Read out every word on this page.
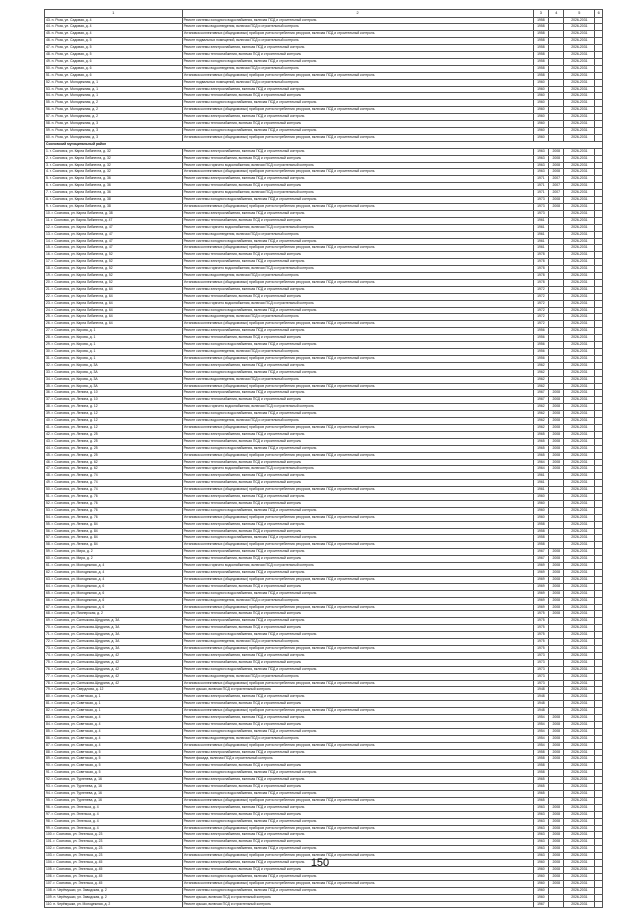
1	2	3	4	5	6
43. п. Роза, ул. Садовая, д. 4	Ремонт системы холодного водоснабжения, включая ПСД и строительный контроль	1958		2026-2031	
44. п. Роза, ул. Садовая, д. 4	Ремонт системы водоотведения, включая ПСД и строительный контроль	1958		2026-2031	
45. п. Роза, ул. Садовая, д. 4	Установка коллективных (общедомовых) приборов учета потребления ресурсов, включая ПСД и строительный контроль	1958		2026-2031	
46. п. Роза, ул. Садовая, д. 5	Ремонт подвальных помещений, включая ПСД и строительный контроль	1958		2026-2031	
47. п. Роза, ул. Садовая, д. 5	Ремонт системы электроснабжения, включая ПСД и строительный контроль	1958		2026-2031	
48. п. Роза, ул. Садовая, д. 5	Ремонт системы теплоснабжения, включая ПСД и строительный контроль	1958		2026-2031	
49. п. Роза, ул. Садовая, д. 6	Ремонт системы холодного водоснабжения, включая ПСД и строительный контроль	1958		2026-2031	
50. п. Роза, ул. Садовая, д. 6	Ремонт системы водоотведения, включая ПСД и строительный контроль	1958		2026-2031	
51. п. Роза, ул. Садовая, д. 6	Установка коллективных (общедомовых) приборов учета потребления ресурсов, включая ПСД и строительный контроль	1958		2026-2031	
52. п. Роза, ул. Молодежная, д. 1	Ремонт подвальных помещений, включая ПСД и строительный контроль	1960		2026-2031	
53. п. Роза, ул. Молодежная, д. 1	Ремонт системы электроснабжения, включая ПСД и строительный контроль	1960		2026-2031	
54. п. Роза, ул. Молодежная, д. 1	Ремонт системы теплоснабжения, включая ПСД и строительный контроль	1960		2026-2031	
55. п. Роза, ул. Молодежная, д. 2	Ремонт системы холодного водоснабжения, включая ПСД и строительный контроль	1960		2026-2031	
56. п. Роза, ул. Молодежная, д. 2	Установка коллективных (общедомовых) приборов учета потребления ресурсов, включая ПСД и строительный контроль	1960		2026-2031	
57. п. Роза, ул. Молодежная, д. 2	Ремонт системы электроснабжения, включая ПСД и строительный контроль	1960		2026-2031	
58. п. Роза, ул. Молодежная, д. 3	Ремонт системы теплоснабжения, включая ПСД и строительный контроль	1960		2026-2031	
59. п. Роза, ул. Молодежная, д. 3	Ремонт системы холодного водоснабжения, включая ПСД и строительный контроль	1960		2026-2031	
60. п. Роза, ул. Молодежная, д. 3	Установка коллективных (общедомовых) приборов учета потребления ресурсов, включая ПСД и строительный контроль	1960		2026-2031	
Сосновский муниципальный район					
1. г. Сосновск, ул. Карла Либкнехта, д. 32	Ремонт системы электроснабжения, включая ПСД и строительный контроль	1963	2008	2026-2031	
2. г. Сосновск, ул. Карла Либкнехта, д. 32	Ремонт системы теплоснабжения, включая ПСД и строительный контроль	1963	2008	2026-2031	
3. г. Сосновск, ул. Карла Либкнехта, д. 32	Ремонт системы горячего водоснабжения, включая ПСД и строительный контроль	1963	2008	2026-2031	
4. г. Сосновск, ул. Карла Либкнехта, д. 32	Установка коллективных (общедомовых) приборов учета потребления ресурсов, включая ПСД и строительный контроль	1963	2008	2026-2031	
5. г. Сосновск, ул. Карла Либкнехта, д. 36	Ремонт системы электроснабжения, включая ПСД и строительный контроль	1971	2007	2026-2031	
6. г. Сосновск, ул. Карла Либкнехта, д. 36	Ремонт системы теплоснабжения, включая ПСД и строительный контроль	1971	2007	2026-2031	
7. г. Сосновск, ул. Карла Либкнехта, д. 36	Ремонт системы горячего водоснабжения, включая ПСД и строительный контроль	1971	2007	2026-2031	
8. г. Сосновск, ул. Карла Либкнехта, д. 38	Ремонт системы холодного водоснабжения, включая ПСД и строительный контроль	1973	2008	2026-2031	
9. г. Сосновск, ул. Карла Либкнехта, д. 38	Установка коллективных (общедомовых) приборов учета потребления ресурсов, включая ПСД и строительный контроль	1973	2008	2026-2031	
10. г. Сосновск, ул. Карла Либкнехта, д. 38	Ремонт системы электроснабжения, включая ПСД и строительный контроль	1973		2026-2031	
11. г. Сосновск, ул. Карла Либкнехта, д. 47	Ремонт системы теплоснабжения, включая ПСД и строительный контроль	1961		2026-2031	
12. г. Сосновск, ул. Карла Либкнехта, д. 47	Ремонт системы горячего водоснабжения, включая ПСД и строительный контроль	1961		2026-2031	
13. г. Сосновск, ул. Карла Либкнехта, д. 47	Ремонт системы водоотведения, включая ПСД и строительный контроль	1961		2026-2031	
14. г. Сосновск, ул. Карла Либкнехта, д. 47	Ремонт системы холодного водоснабжения, включая ПСД и строительный контроль	1961		2026-2031	
15. г. Сосновск, ул. Карла Либкнехта, д. 47	Установка коллективных (общедомовых) приборов учета потребления ресурсов, включая ПСД и строительный контроль	1961		2026-2031	
16. г. Сосновск, ул. Карла Либкнехта, д. 52	Ремонт системы теплоснабжения, включая ПСД и строительный контроль	1978		2026-2031	
17. г. Сосновск, ул. Карла Либкнехта, д. 52	Ремонт системы электроснабжения, включая ПСД и строительный контроль	1978		2026-2031	
18. г. Сосновск, ул. Карла Либкнехта, д. 52	Ремонт системы горячего водоснабжения, включая ПСД и строительный контроль	1978		2026-2031	
19. г. Сосновск, ул. Карла Либкнехта, д. 52	Ремонт системы водоотведения, включая ПСД и строительный контроль	1978		2026-2031	
20. г. Сосновск, ул. Карла Либкнехта, д. 52	Установка коллективных (общедомовых) приборов учета потребления ресурсов, включая ПСД и строительный контроль	1978		2026-2031	
21. г. Сосновск, ул. Карла Либкнехта, д. 64	Ремонт системы электроснабжения, включая ПСД и строительный контроль	1972		2026-2031	
22. г. Сосновск, ул. Карла Либкнехта, д. 64	Ремонт системы теплоснабжения, включая ПСД и строительный контроль	1972		2026-2031	
23. г. Сосновск, ул. Карла Либкнехта, д. 64	Ремонт системы горячего водоснабжения, включая ПСД и строительный контроль	1972		2026-2031	
24. г. Сосновск, ул. Карла Либкнехта, д. 64	Ремонт системы холодного водоснабжения, включая ПСД и строительный контроль	1972		2026-2031	
25. г. Сосновск, ул. Карла Либкнехта, д. 64	Ремонт системы водоотведения, включая ПСД и строительный контроль	1972		2026-2031	
26. г. Сосновск, ул. Карла Либкнехта, д. 64	Установка коллективных (общедомовых) приборов учета потребления ресурсов, включая ПСД и строительный контроль	1972		2026-2031	
27. г. Сосновск, ул. Кирова, д. 1	Ремонт системы электроснабжения, включая ПСД и строительный контроль	1956		2026-2031	
28. г. Сосновск, ул. Кирова, д. 1	Ремонт системы теплоснабжения, включая ПСД и строительный контроль	1956		2026-2031	
29. г. Сосновск, ул. Кирова, д. 1	Ремонт системы холодного водоснабжения, включая ПСД и строительный контроль	1956		2026-2031	
30. г. Сосновск, ул. Кирова, д. 1	Ремонт системы водоотведения, включая ПСД и строительный контроль	1956		2026-2031	
31. г. Сосновск, ул. Кирова, д. 1	Установка коллективных (общедомовых) приборов учета потребления ресурсов, включая ПСД и строительный контроль	1956		2026-2031	
32. г. Сосновск, ул. Кирова, д. 3А	Ремонт системы электроснабжения, включая ПСД и строительный контроль	1962		2026-2031	
33. г. Сосновск, ул. Кирова, д. 3А	Ремонт системы холодного водоснабжения, включая ПСД и строительный контроль	1962		2026-2031	
34. г. Сосновск, ул. Кирова, д. 3А	Ремонт системы водоотведения, включая ПСД и строительный контроль	1962		2026-2031	
35. г. Сосновск, ул. Кирова, д. 3А	Установка коллективных (общедомовых) приборов учета потребления ресурсов, включая ПСД и строительный контроль	1962		2026-2031	
36. г. Сосновск, ул. Ленина, д. 10	Ремонт системы электроснабжения, включая ПСД и строительный контроль	1967	2008	2026-2031	
37. г. Сосновск, ул. Ленина, д. 10	Ремонт системы теплоснабжения, включая ПСД и строительный контроль	1967	2008	2026-2031	
38. г. Сосновск, ул. Ленина, д. 12	Ремонт системы горячего водоснабжения, включая ПСД и строительный контроль	1962	2008	2026-2031	
39. г. Сосновск, ул. Ленина, д. 12	Ремонт системы холодного водоснабжения, включая ПСД и строительный контроль	1962	2008	2026-2031	
40. г. Сосновск, ул. Ленина, д. 12	Ремонт системы водоотведения, включая ПСД и строительный контроль	1962	2008	2026-2031	
41. г. Сосновск, ул. Ленина, д. 12	Установка коллективных (общедомовых) приборов учета потребления ресурсов, включая ПСД и строительный контроль	1962	2008	2026-2031	
42. г. Сосновск, ул. Ленина, д. 25	Ремонт системы электроснабжения, включая ПСД и строительный контроль	1965	2008	2026-2031	
43. г. Сосновск, ул. Ленина, д. 25	Ремонт системы теплоснабжения, включая ПСД и строительный контроль	1965	2008	2026-2031	
44. г. Сосновск, ул. Ленина, д. 25	Ремонт системы холодного водоснабжения, включая ПСД и строительный контроль	1965	2008	2026-2031	
45. г. Сосновск, ул. Ленина, д. 25	Установка коллективных (общедомовых) приборов учета потребления ресурсов, включая ПСД и строительный контроль	1965	2008	2026-2031	
46. г. Сосновск, ул. Ленина, д. 62	Ремонт системы теплоснабжения, включая ПСД и строительный контроль	1964	2008	2026-2031	
47. г. Сосновск, ул. Ленина, д. 62	Ремонт системы горячего водоснабжения, включая ПСД и строительный контроль	1964	2008	2026-2031	
48. г. Сосновск, ул. Ленина, д. 74	Ремонт системы электроснабжения, включая ПСД и строительный контроль	1961		2026-2031	
49. г. Сосновск, ул. Ленина, д. 74	Ремонт системы теплоснабжения, включая ПСД и строительный контроль	1961		2026-2031	
50. г. Сосновск, ул. Ленина, д. 74	Установка коллективных (общедомовых) приборов учета потребления ресурсов, включая ПСД и строительный контроль	1961		2026-2031	
51. г. Сосновск, ул. Ленина, д. 76	Ремонт системы электроснабжения, включая ПСД и строительный контроль	1960		2026-2031	
52. г. Сосновск, ул. Ленина, д. 76	Ремонт системы теплоснабжения, включая ПСД и строительный контроль	1960		2026-2031	
53. г. Сосновск, ул. Ленина, д. 76	Ремонт системы холодного водоснабжения, включая ПСД и строительный контроль	1960		2026-2031	
54. г. Сосновск, ул. Ленина, д. 76	Установка коллективных (общедомовых) приборов учета потребления ресурсов, включая ПСД и строительный контроль	1960		2026-2031	
55. г. Сосновск, ул. Ленина, д. 84	Ремонт системы электроснабжения, включая ПСД и строительный контроль	1958		2026-2031	
56. г. Сосновск, ул. Ленина, д. 84	Ремонт системы теплоснабжения, включая ПСД и строительный контроль	1958		2026-2031	
57. г. Сосновск, ул. Ленина, д. 84	Ремонт системы холодного водоснабжения, включая ПСД и строительный контроль	1958		2026-2031	
58. г. Сосновск, ул. Ленина, д. 84	Установка коллективных (общедомовых) приборов учета потребления ресурсов, включая ПСД и строительный контроль	1958		2026-2031	
59. г. Сосновск, ул. Мира, д. 2	Ремонт системы электроснабжения, включая ПСД и строительный контроль	1967	2008	2026-2031	
60. г. Сосновск, ул. Мира, д. 2	Ремонт системы теплоснабжения, включая ПСД и строительный контроль	1967	2008	2026-2031	
61. г. Сосновск, ул. Молодежная, д. 4	Ремонт системы горячего водоснабжения, включая ПСД и строительный контроль	1969	2008	2026-2031	
62. г. Сосновск, ул. Молодежная, д. 4	Ремонт системы электроснабжения, включая ПСД и строительный контроль	1969	2008	2026-2031	
63. г. Сосновск, ул. Молодежная, д. 4	Установка коллективных (общедомовых) приборов учета потребления ресурсов, включая ПСД и строительный контроль	1969	2008	2026-2031	
64. г. Сосновск, ул. Молодежная, д. 6	Ремонт системы теплоснабжения, включая ПСД и строительный контроль	1969	2008	2026-2031	
65. г. Сосновск, ул. Молодежная, д. 6	Ремонт системы холодного водоснабжения, включая ПСД и строительный контроль	1969	2008	2026-2031	
66. г. Сосновск, ул. Молодежная, д. 6	Ремонт системы водоотведения, включая ПСД и строительный контроль	1969	2008	2026-2031	
67. г. Сосновск, ул. Молодежная, д. 6	Установка коллективных (общедомовых) приборов учета потребления ресурсов, включая ПСД и строительный контроль	1969	2008	2026-2031	
68. г. Сосновск, ул. Пионерская, д. 2	Ремонт системы теплоснабжения, включая ПСД и строительный контроль	1975	2008	2026-2031	
69. г. Сосновск, ул. Салтыкова-Щедрина, д. 3А	Ремонт системы электроснабжения, включая ПСД и строительный контроль	1975		2026-2031	
70. г. Сосновск, ул. Салтыкова-Щедрина, д. 3А	Ремонт системы теплоснабжения, включая ПСД и строительный контроль	1975		2026-2031	
71. г. Сосновск, ул. Салтыкова-Щедрина, д. 3А	Ремонт системы холодного водоснабжения, включая ПСД и строительный контроль	1975		2026-2031	
72. г. Сосновск, ул. Салтыкова-Щедрина, д. 3А	Ремонт системы водоотведения, включая ПСД и строительный контроль	1975		2026-2031	
73. г. Сосновск, ул. Салтыкова-Щедрина, д. 3А	Установка коллективных (общедомовых) приборов учета потребления ресурсов, включая ПСД и строительный контроль	1975		2026-2031	
74. г. Сосновск, ул. Салтыкова-Щедрина, д. 42	Ремонт системы электроснабжения, включая ПСД и строительный контроль	1973		2026-2031	
75. г. Сосновск, ул. Салтыкова-Щедрина, д. 42	Ремонт системы теплоснабжения, включая ПСД и строительный контроль	1973		2026-2031	
76. г. Сосновск, ул. Салтыкова-Щедрина, д. 42	Ремонт системы холодного водоснабжения, включая ПСД и строительный контроль	1973		2026-2031	
77. г. Сосновск, ул. Салтыкова-Щедрина, д. 42	Ремонт системы водоотведения, включая ПСД и строительный контроль	1973		2026-2031	
78. г. Сосновск, ул. Салтыкова-Щедрина, д. 42	Установка коллективных (общедомовых) приборов учета потребления ресурсов, включая ПСД и строительный контроль	1973		2026-2031	
79. г. Сосновск, ул. Свердлова, д. 12	Ремонт крыши, включая ПСД и строительный контроль	1948		2026-2031	
80. г. Сосновск, ул. Советская, д. 1	Ремонт системы электроснабжения, включая ПСД и строительный контроль	1948		2026-2031	
81. г. Сосновск, ул. Советская, д. 1	Ремонт системы теплоснабжения, включая ПСД и строительный контроль	1948		2026-2031	
82. г. Сосновск, ул. Советская, д. 1	Установка коллективных (общедомовых) приборов учета потребления ресурсов, включая ПСД и строительный контроль	1948		2026-2031	
83. г. Сосновск, ул. Советская, д. 4	Ремонт системы электроснабжения, включая ПСД и строительный контроль	1954	2008	2026-2031	
84. г. Сосновск, ул. Советская, д. 4	Ремонт системы теплоснабжения, включая ПСД и строительный контроль	1954	2008	2026-2031	
85. г. Сосновск, ул. Советская, д. 4	Ремонт системы холодного водоснабжения, включая ПСД и строительный контроль	1954	2008	2026-2031	
86. г. Сосновск, ул. Советская, д. 4	Ремонт системы водоотведения, включая ПСД и строительный контроль	1954	2008	2026-2031	
87. г. Сосновск, ул. Советская, д. 4	Установка коллективных (общедомовых) приборов учета потребления ресурсов, включая ПСД и строительный контроль	1954	2008	2026-2031	
88. г. Сосновск, ул. Советская, д. 5	Ремонт системы электроснабжения, включая ПСД и строительный контроль	1958	2008	2026-2031	
89. г. Сосновск, ул. Советская, д. 5	Ремонт фасада, включая ПСД и строительный контроль	1958	2008	2026-2031	
90. г. Сосновск, ул. Советская, д. 5	Ремонт системы теплоснабжения, включая ПСД и строительный контроль	1958		2026-2031	
91. г. Сосновск, ул. Советская, д. 5	Ремонт системы холодного водоснабжения, включая ПСД и строительный контроль	1958		2026-2031	
92. г. Сосновск, ул. Тургенева, д. 16	Ремонт системы электроснабжения, включая ПСД и строительный контроль	1965		2026-2031	
93. г. Сосновск, ул. Тургенева, д. 16	Ремонт системы теплоснабжения, включая ПСД и строительный контроль	1965		2026-2031	
94. г. Сосновск, ул. Тургенева, д. 16	Ремонт системы холодного водоснабжения, включая ПСД и строительный контроль	1965		2026-2031	
95. г. Сосновск, ул. Тургенева, д. 16	Установка коллективных (общедомовых) приборов учета потребления ресурсов, включая ПСД и строительный контроль	1965		2026-2031	
96. г. Сосновск, ул. Энгельса, д. 4	Ремонт системы электроснабжения, включая ПСД и строительный контроль	1963	2008	2026-2031	
97. г. Сосновск, ул. Энгельса, д. 4	Ремонт системы теплоснабжения, включая ПСД и строительный контроль	1963	2008	2026-2031	
98. г. Сосновск, ул. Энгельса, д. 4	Ремонт системы холодного водоснабжения, включая ПСД и строительный контроль	1963	2008	2026-2031	
99. г. Сосновск, ул. Энгельса, д. 4	Установка коллективных (общедомовых) приборов учета потребления ресурсов, включая ПСД и строительный контроль	1963	2008	2026-2031	
100. г. Сосновск, ул. Энгельса, д. 23	Ремонт системы электроснабжения, включая ПСД и строительный контроль	1963	2008	2026-2031	
101. г. Сосновск, ул. Энгельса, д. 23	Ремонт системы теплоснабжения, включая ПСД и строительный контроль	1963	2008	2026-2031	
102. г. Сосновск, ул. Энгельса, д. 23	Ремонт системы холодного водоснабжения, включая ПСД и строительный контроль	1963	2008	2026-2031	
103. г. Сосновск, ул. Энгельса, д. 23	Установка коллективных (общедомовых) приборов учета потребления ресурсов, включая ПСД и строительный контроль	1963	2008	2026-2031	
104. г. Сосновск, ул. Энгельса, д. 45	Ремонт системы электроснабжения, включая ПСД и строительный контроль	1960	2008	2026-2031	
105. г. Сосновск, ул. Энгельса, д. 45	Ремонт системы теплоснабжения, включая ПСД и строительный контроль	1960	2008	2026-2031	
106. г. Сосновск, ул. Энгельса, д. 45	Ремонт системы холодного водоснабжения, включая ПСД и строительный контроль	1960	2008	2026-2031	
107. г. Сосновск, ул. Энгельса, д. 45	Установка коллективных (общедомовых) приборов учета потребления ресурсов, включая ПСД и строительный контроль	1960	2008	2026-2031	
108. п. Черёмушки, ул. Заводская, д. 2	Ремонт системы холодного водоснабжения, включая ПСД и строительный контроль	1960		2026-2031	
109. п. Черёмушки, ул. Заводская, д. 2	Ремонт крыши, включая ПСД и строительный контроль	1960		2026-2031	
110. п. Черёмушки, ул. Молодежная, д. 2	Ремонт крыши, включая ПСД и строительный контроль	1967		2026-2031	
150
